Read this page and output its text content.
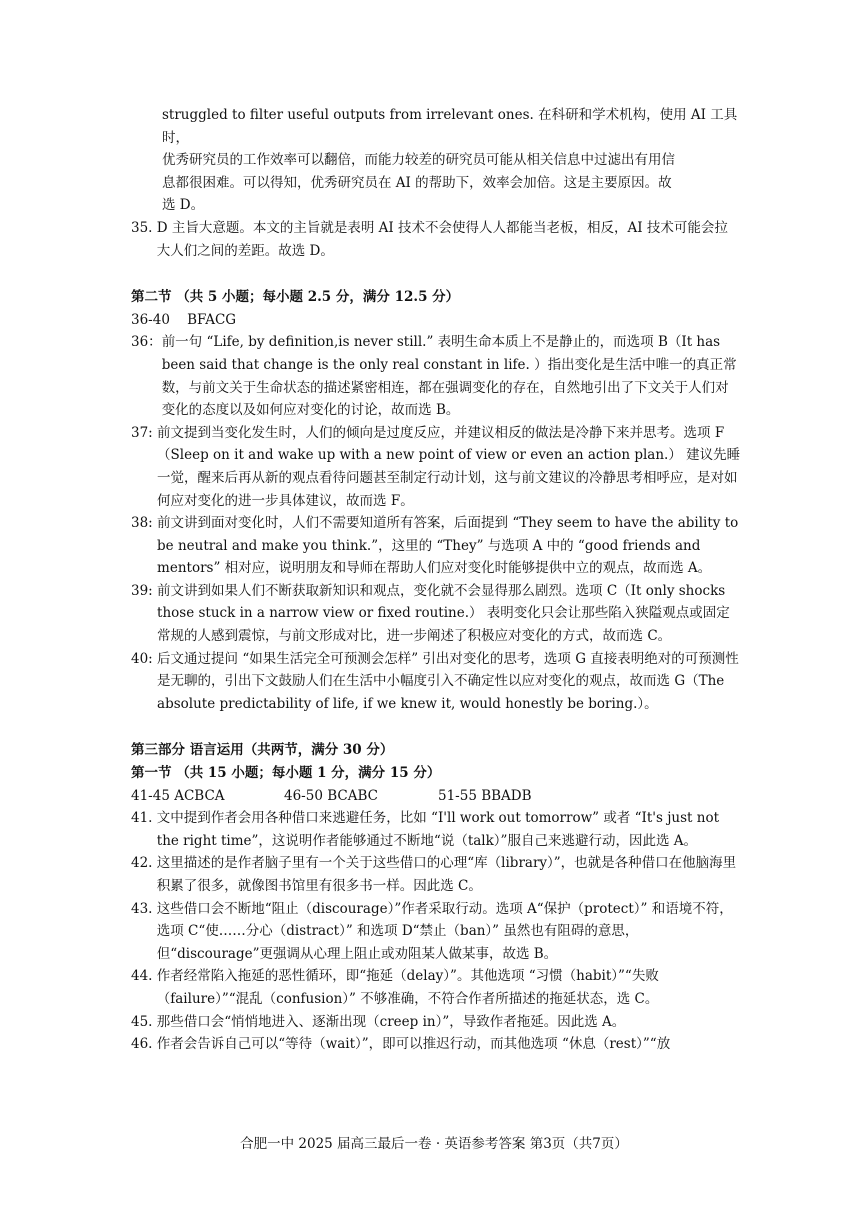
struggled to filter useful outputs from irrelevant ones. 在科研和学术机构，使用 AI 工具时，
优秀研究员的工作效率可以翻倍，而能力较差的研究员可能从相关信息中过滤出有用信
息都很困难。可以得知，优秀研究员在 AI 的帮助下，效率会加倍。这是主要原因。故
选 D。

35. D 主旨大意题。本文的主旨就是表明 AI 技术不会使得人人都能当老板，相反，AI 技术可能会拉大人们之间的差距。故选 D。

第二节 （共 5 小题；每小题 2.5 分，满分 12.5 分）

36-40    BFACG

36： 前一句 “Life, by definition,is never still.” 表明生命本质上不是静止的，而选项 B（It has been said that change is the only real constant in life. ）指出变化是生活中唯一的真正常数，与前文关于生命状态的描述紧密相连，都在强调变化的存在，自然地引出了下文关于人们对变化的态度以及如何应对变化的讨论，故而选 B。
37: 前文提到当变化发生时，人们的倾向是过度反应，并建议相反的做法是冷静下来并思考。选项 F（Sleep on it and wake up with a new point of view or even an action plan.） 建议先睡一觉，醒来后再从新的观点看待问题甚至制定行动计划，这与前文建议的冷静思考相呼应，是对如何应对变化的进一步具体建议，故而选 F。
38: 前文讲到面对变化时，人们不需要知道所有答案，后面提到 “They seem to have the ability to be neutral and make you think.”，这里的 “They” 与选项 A 中的 “good friends and mentors” 相对应，说明朋友和导师在帮助人们应对变化时能够提供中立的观点，故而选 A。
39: 前文讲到如果人们不断获取新知识和观点，变化就不会显得那么剧烈。选项 C（It only shocks those stuck in a narrow view or fixed routine.） 表明变化只会让那些陷入狭隘观点或固定常规的人感到震惊，与前文形成对比，进一步阐述了积极应对变化的方式，故而选 C。
40: 后文通过提问 “如果生活完全可预测会怎样” 引出对变化的思考，选项 G 直接表明绝对的可预测性是无聊的，引出下文鼓励人们在生活中小幅度引入不确定性以应对变化的观点，故而选 G（The absolute predictability of life, if we knew it, would honestly be boring.）。

第三部分 语言运用（共两节，满分 30 分）

第一节 （共 15 小题；每小题 1 分，满分 15 分）

41-45 ACBCA	46-50 BCABC	51-55 BBADB
41. 文中提到作者会用各种借口来逃避任务，比如 “I'll work out tomorrow” 或者 “It's just not the right time”，这说明作者能够通过不断地“说（talk）”服自己来逃避行动，因此选 A。
42. 这里描述的是作者脑子里有一个关于这些借口的心理“库（library）”，也就是各种借口在他脑海里积累了很多，就像图书馆里有很多书一样。因此选 C。
43. 这些借口会不断地“阻止（discourage）”作者采取行动。选项 A“保护（protect）” 和语境不符，选项 C“使……分心（distract）” 和选项 D“禁止（ban）” 虽然也有阻碍的意思，但“discourage”更强调从心理上阻止或劝阻某人做某事，故选 B。
44. 作者经常陷入拖延的恶性循环，即“拖延（delay）”。其他选项 “习惯（habit）”“失败（failure）”“混乱（confusion）” 不够准确，不符合作者所描述的拖延状态，选 C。
45. 那些借口会“悄悄地进入、逐渐出现（creep in）”，导致作者拖延。因此选 A。
46. 作者会告诉自己可以“等待（wait）”，即可以推迟行动，而其他选项 “休息（rest）”“放
合肥一中 2025 届高三最后一卷 · 英语参考答案 第3页（共7页）
